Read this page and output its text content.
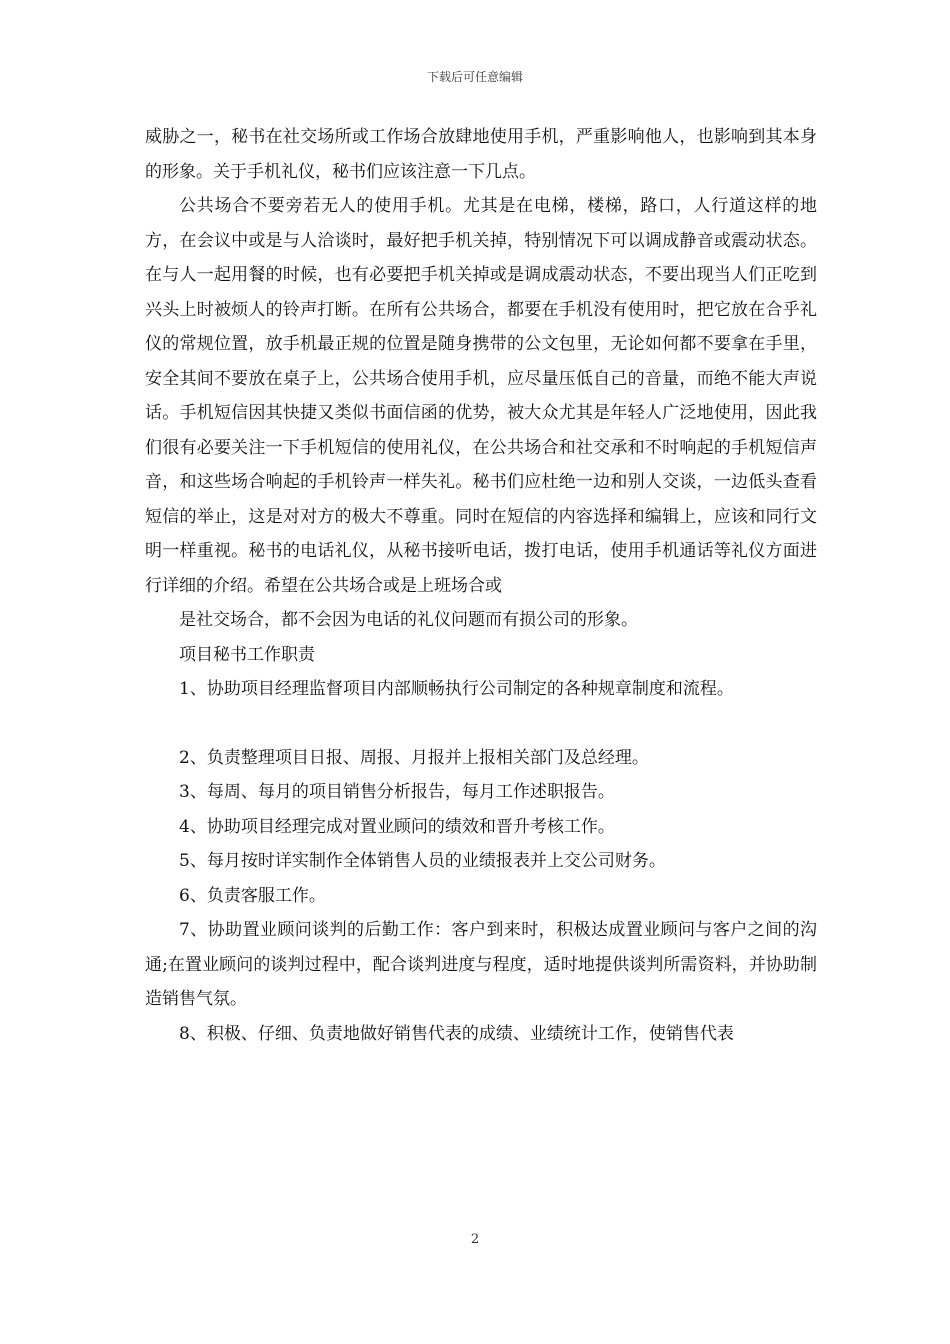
下载后可任意编辑

威胁之一，秘书在社交场所或工作场合放肆地使用手机，严重影响他人，也影响到其本身的形象。关于手机礼仪，秘书们应该注意一下几点。

公共场合不要旁若无人的使用手机。尤其是在电梯，楼梯，路口，人行道这样的地方，在会议中或是与人洽谈时，最好把手机关掉，特别情况下可以调成静音或震动状态。在与人一起用餐的时候，也有必要把手机关掉或是调成震动状态，不要出现当人们正吃到兴头上时被烦人的铃声打断。在所有公共场合，都要在手机没有使用时，把它放在合乎礼仪的常规位置，放手机最正规的位置是随身携带的公文包里，无论如何都不要拿在手里，安全其间不要放在桌子上，公共场合使用手机，应尽量压低自己的音量，而绝不能大声说话。手机短信因其快捷又类似书面信函的优势，被大众尤其是年轻人广泛地使用，因此我们很有必要关注一下手机短信的使用礼仪，在公共场合和社交承和不时响起的手机短信声音，和这些场合响起的手机铃声一样失礼。秘书们应杜绝一边和别人交谈，一边低头查看短信的举止，这是对对方的极大不尊重。同时在短信的内容选择和编辑上，应该和同行文明一样重视。秘书的电话礼仪，从秘书接听电话，拨打电话，使用手机通话等礼仪方面进行详细的介绍。希望在公共场合或是上班场合或

是社交场合，都不会因为电话的礼仪问题而有损公司的形象。

项目秘书工作职责

1、协助项目经理监督项目内部顺畅执行公司制定的各种规章制度和流程。

2、负责整理项目日报、周报、月报并上报相关部门及总经理。

3、每周、每月的项目销售分析报告，每月工作述职报告。

4、协助项目经理完成对置业顾问的绩效和晋升考核工作。

5、每月按时详实制作全体销售人员的业绩报表并上交公司财务。

6、负责客服工作。

7、协助置业顾问谈判的后勤工作：客户到来时，积极达成置业顾问与客户之间的沟通;在置业顾问的谈判过程中，配合谈判进度与程度，适时地提供谈判所需资料，并协助制造销售气氛。

8、积极、仔细、负责地做好销售代表的成绩、业绩统计工作，使销售代表

2
